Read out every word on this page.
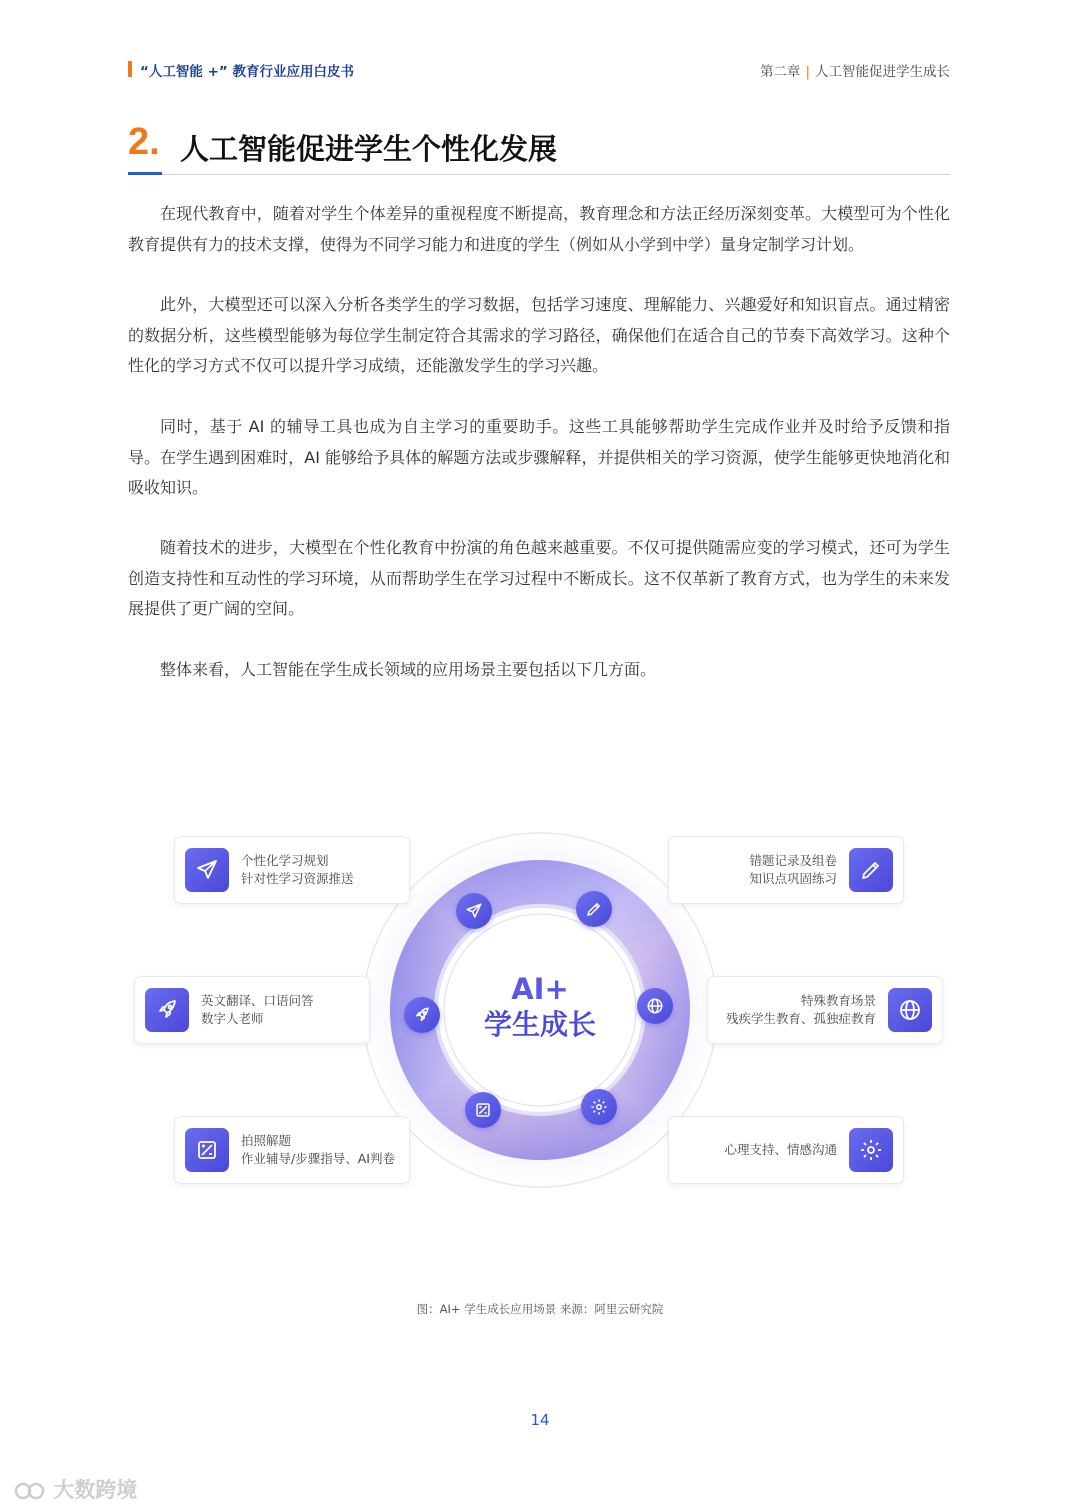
“人工智能 +” 教育行业应用白皮书	第二章 | 人工智能促进学生成长
2. 人工智能促进学生个性化发展

在现代教育中，随着对学生个体差异的重视程度不断提高，教育理念和方法正经历深刻变革。大模型可为个性化教育提供有力的技术支撑，使得为不同学习能力和进度的学生（例如从小学到中学）量身定制学习计划。

此外，大模型还可以深入分析各类学生的学习数据，包括学习速度、理解能力、兴趣爱好和知识盲点。通过精密的数据分析，这些模型能够为每位学生制定符合其需求的学习路径，确保他们在适合自己的节奏下高效学习。这种个性化的学习方式不仅可以提升学习成绩，还能激发学生的学习兴趣。

同时，基于 AI 的辅导工具也成为自主学习的重要助手。这些工具能够帮助学生完成作业并及时给予反馈和指导。在学生遇到困难时，AI 能够给予具体的解题方法或步骤解释，并提供相关的学习资源，使学生能够更快地消化和吸收知识。

随着技术的进步，大模型在个性化教育中扮演的角色越来越重要。不仅可提供随需应变的学习模式，还可为学生创造支持性和互动性的学习环境，从而帮助学生在学习过程中不断成长。这不仅革新了教育方式，也为学生的未来发展提供了更广阔的空间。

整体来看，人工智能在学生成长领域的应用场景主要包括以下几方面。

AI+
学生成长
个性化学习规划
针对性学习资源推送
英文翻译、口语问答
数字人老师
拍照解题
作业辅导/步骤指导、AI判卷
错题记录及组卷
知识点巩固练习
特殊教育场景
残疾学生教育、孤独症教育
心理支持、情感沟通
图：AI+ 学生成长应用场景 来源：阿里云研究院
14
大数跨境
